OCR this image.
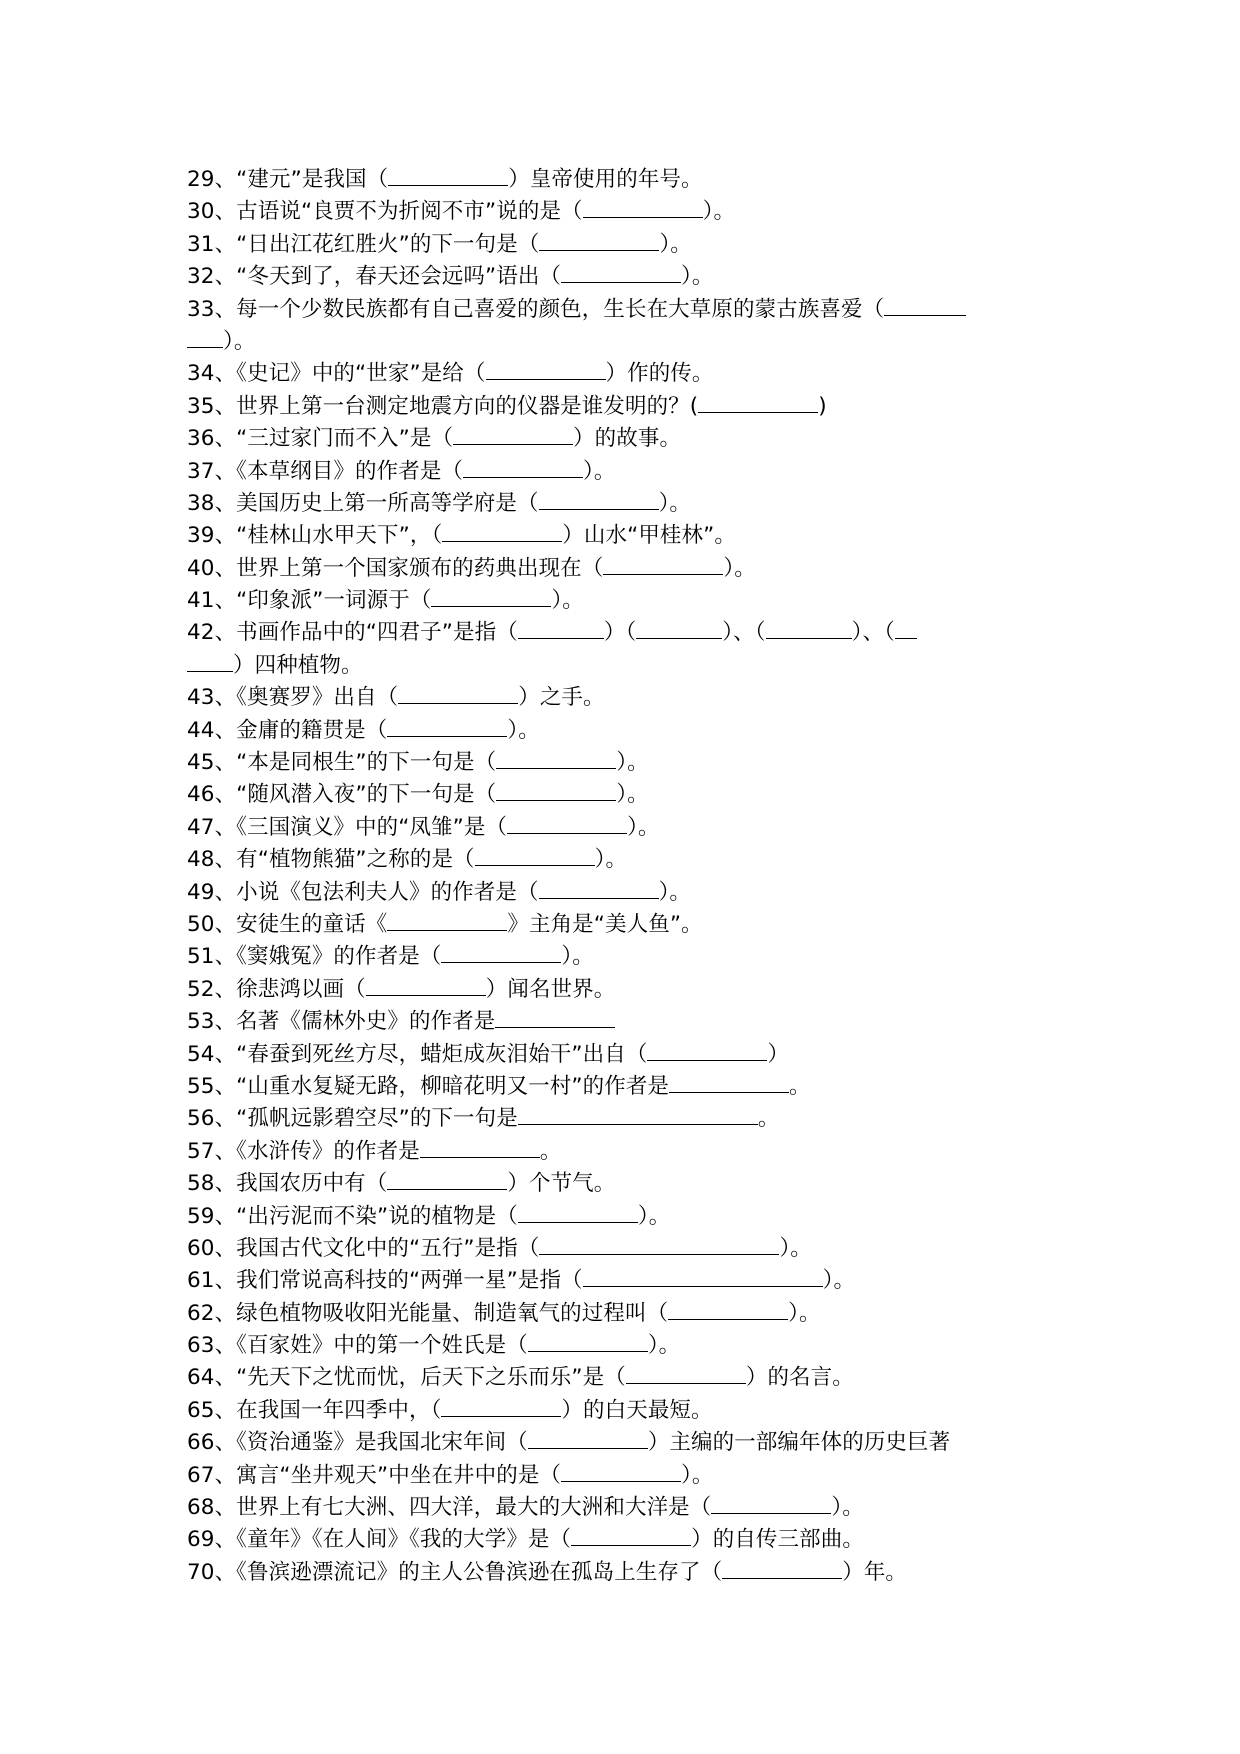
29、“建元”是我国（	）皇帝使用的年号。
30、古语说“良贾不为折阅不市”说的是（	）。
31、“日出江花红胜火”的下一句是（	）。
32、“冬天到了，春天还会远吗”语出（	）。
33、每一个少数民族都有自己喜爱的颜色，生长在大草原的蒙古族喜爱（
）。
34、《史记》中的“世家”是给（	）作的传。
35、世界上第一台测定地震方向的仪器是谁发明的？(	)
36、“三过家门而不入”是（	）的故事。
37、《本草纲目》的作者是（	）。
38、美国历史上第一所高等学府是（	）。
39、“桂林山水甲天下”，（	）山水“甲桂林”。
40、世界上第一个国家颁布的药典出现在（	）。
41、“印象派”一词源于（	）。
42、书画作品中的“四君子”是指（	）（	）、（	）、（
）四种植物。
43、《奥赛罗》出自（	）之手。
44、金庸的籍贯是（	）。
45、“本是同根生”的下一句是（	）。
46、“随风潜入夜”的下一句是（	）。
47、《三国演义》中的“凤雏”是（	）。
48、有“植物熊猫”之称的是（	）。
49、小说《包法利夫人》的作者是（	）。
50、安徒生的童话《	》主角是“美人鱼”。
51、《窦娥冤》的作者是（	）。
52、徐悲鸿以画（	）闻名世界。
53、名著《儒林外史》的作者是
54、“春蚕到死丝方尽，蜡炬成灰泪始干”出自（	）
55、“山重水复疑无路，柳暗花明又一村”的作者是	。
56、“孤帆远影碧空尽”的下一句是	。
57、《水浒传》的作者是	。
58、我国农历中有（	）个节气。
59、“出污泥而不染”说的植物是（	）。
60、我国古代文化中的“五行”是指（	）。
61、我们常说高科技的“两弹一星”是指（	）。
62、绿色植物吸收阳光能量、制造氧气的过程叫（	）。
63、《百家姓》中的第一个姓氏是（	）。
64、“先天下之忧而忧，后天下之乐而乐”是（	）的名言。
65、在我国一年四季中，（	）的白天最短。
66、《资治通鉴》是我国北宋年间（	）主编的一部编年体的历史巨著
67、寓言“坐井观天”中坐在井中的是（	）。
68、世界上有七大洲、四大洋，最大的大洲和大洋是（	）。
69、《童年》《在人间》《我的大学》是（	）的自传三部曲。
70、《鲁滨逊漂流记》的主人公鲁滨逊在孤岛上生存了（	）年。
